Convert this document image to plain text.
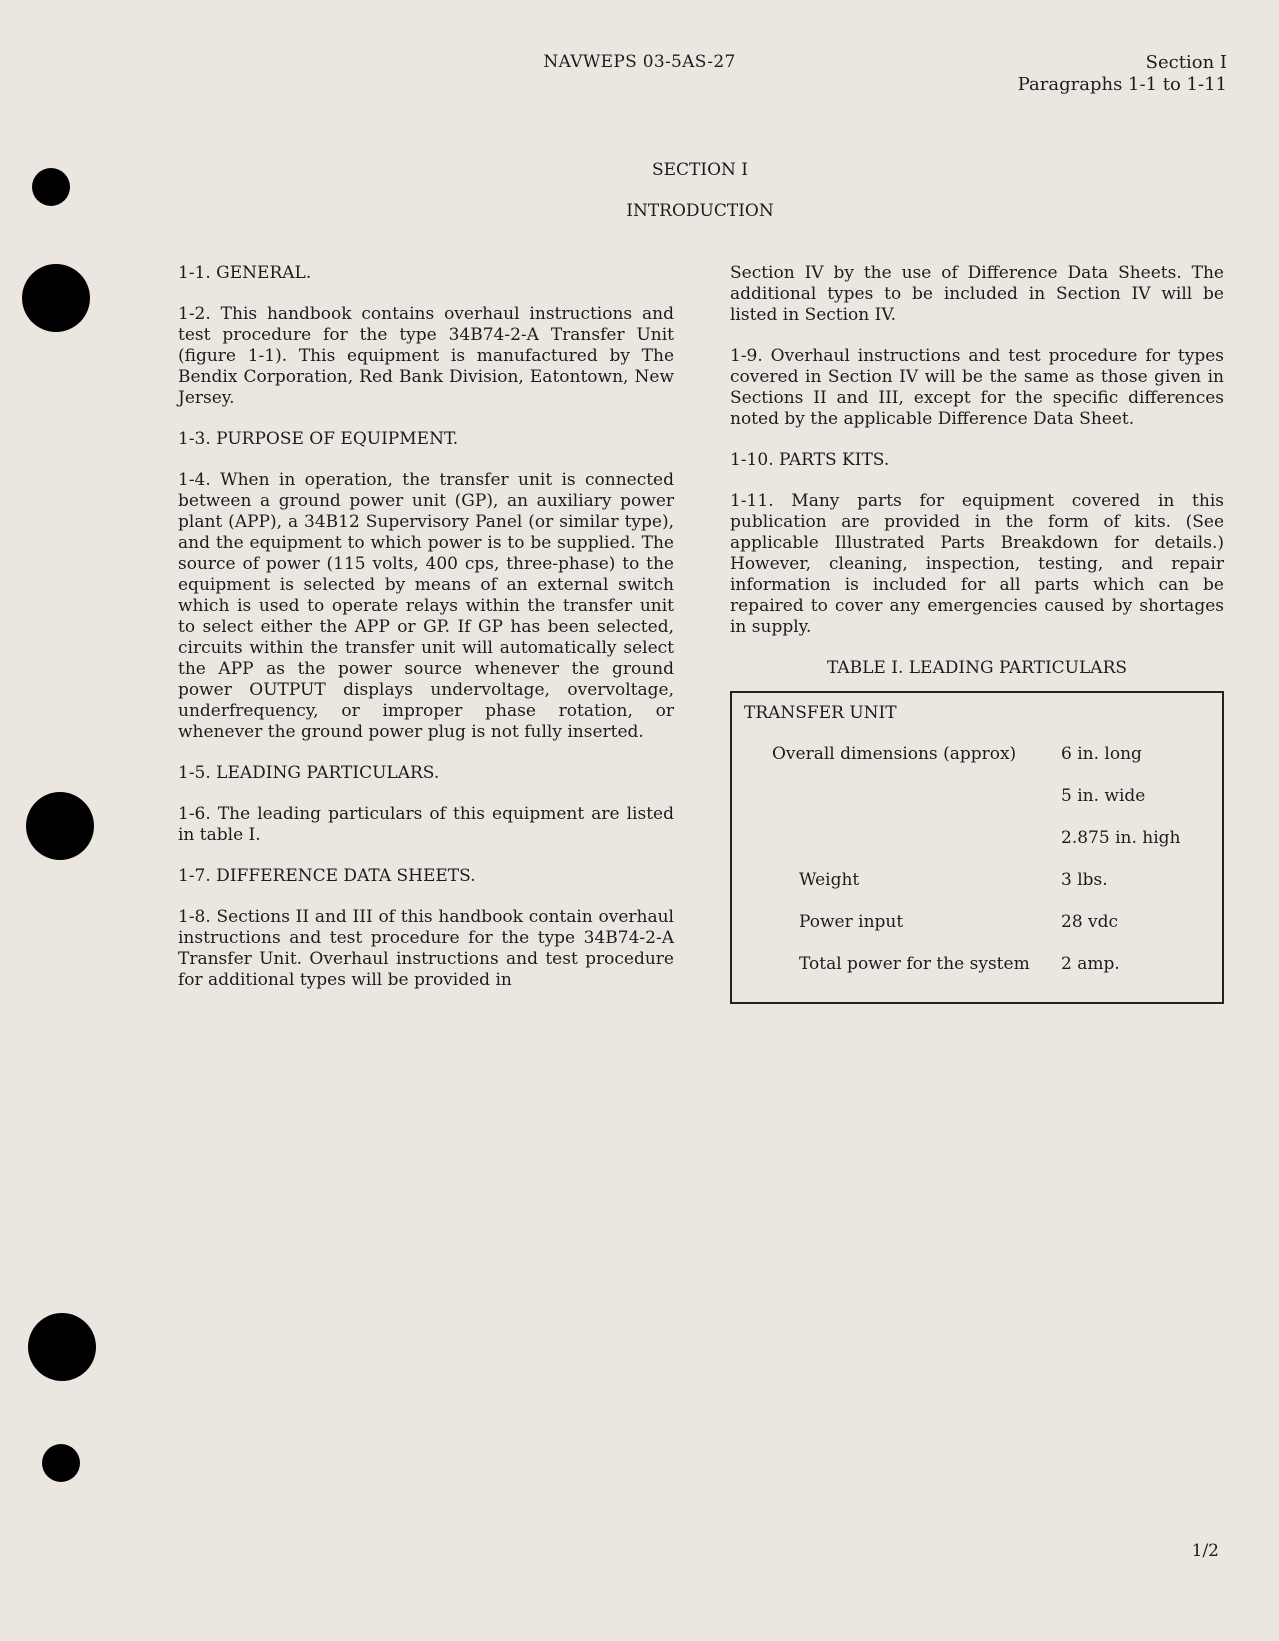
NAVWEPS 03-5AS-27	Section I
Paragraphs 1-1 to 1-11
SECTION I
INTRODUCTION

1-1. GENERAL.

1-2. This handbook contains overhaul instructions and test procedure for the type 34B74-2-A Transfer Unit (figure 1-1). This equipment is manufactured by The Bendix Corporation, Red Bank Division, Eatontown, New Jersey.

1-3. PURPOSE OF EQUIPMENT.

1-4. When in operation, the transfer unit is connected between a ground power unit (GP), an auxiliary power plant (APP), a 34B12 Supervisory Panel (or similar type), and the equipment to which power is to be supplied. The source of power (115 volts, 400 cps, three-phase) to the equipment is selected by means of an external switch which is used to operate relays within the transfer unit to select either the APP or GP. If GP has been selected, circuits within the transfer unit will automatically select the APP as the power source whenever the ground power OUTPUT displays undervoltage, overvoltage, underfrequency, or improper phase rotation, or whenever the ground power plug is not fully inserted.

1-5. LEADING PARTICULARS.

1-6. The leading particulars of this equipment are listed in table I.

1-7. DIFFERENCE DATA SHEETS.

1-8. Sections II and III of this handbook contain overhaul instructions and test procedure for the type 34B74-2-A Transfer Unit. Overhaul instructions and test procedure for additional types will be provided in

Section IV by the use of Difference Data Sheets. The additional types to be included in Section IV will be listed in Section IV.

1-9. Overhaul instructions and test procedure for types covered in Section IV will be the same as those given in Sections II and III, except for the specific differences noted by the applicable Difference Data Sheet.

1-10. PARTS KITS.

1-11. Many parts for equipment covered in this publication are provided in the form of kits. (See applicable Illustrated Parts Breakdown for details.) However, cleaning, inspection, testing, and repair information is included for all parts which can be repaired to cover any emergencies caused by shortages in supply.

TABLE I. LEADING PARTICULARS
TRANSFER UNIT
Overall dimensions (approx)	6 in. long
5 in. wide
2.875 in. high
Weight	3 lbs.
Power input	28 vdc
Total power for the system	2 amp.
1/2
